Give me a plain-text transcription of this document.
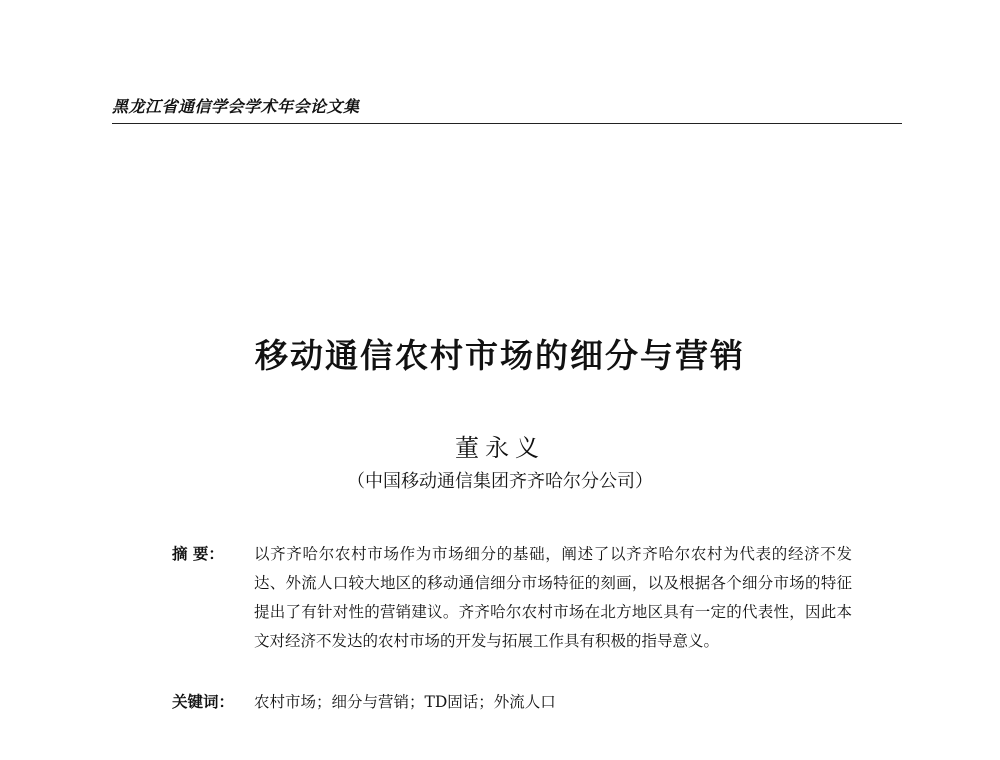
黑龙江省通信学会学术年会论文集
移动通信农村市场的细分与营销
董永义
（中国移动通信集团齐齐哈尔分公司）
摘 要：	以齐齐哈尔农村市场作为市场细分的基础，阐述了以齐齐哈尔农村为代表的经济不发达、外流人口较大地区的移动通信细分市场特征的刻画，以及根据各个细分市场的特征提出了有针对性的营销建议。齐齐哈尔农村市场在北方地区具有一定的代表性，因此本文对经济不发达的农村市场的开发与拓展工作具有积极的指导意义。
关键词： 农村市场；细分与营销；TD固话；外流人口
